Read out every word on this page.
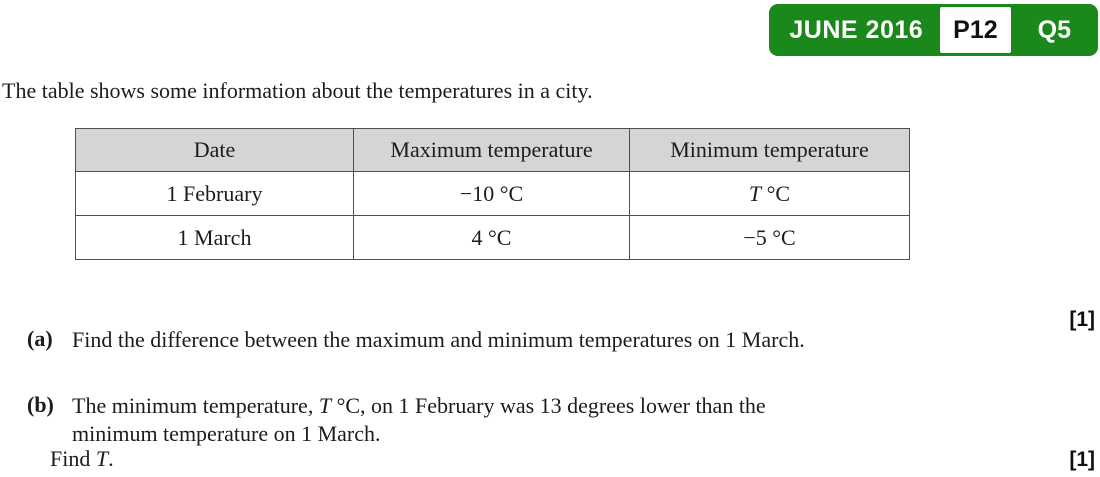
JUNE 2016	P12	Q5

The table shows some information about the temperatures in a city.

Date	Maximum temperature	Minimum temperature
1 February	−10 °C	T °C
1 March	4 °C	−5 °C

(a) Find the difference between the maximum and minimum temperatures on 1 March.

[1]

(b) The minimum temperature, T °C, on 1 February was 13 degrees lower than the
minimum temperature on 1 March.

Find T.	[1]
